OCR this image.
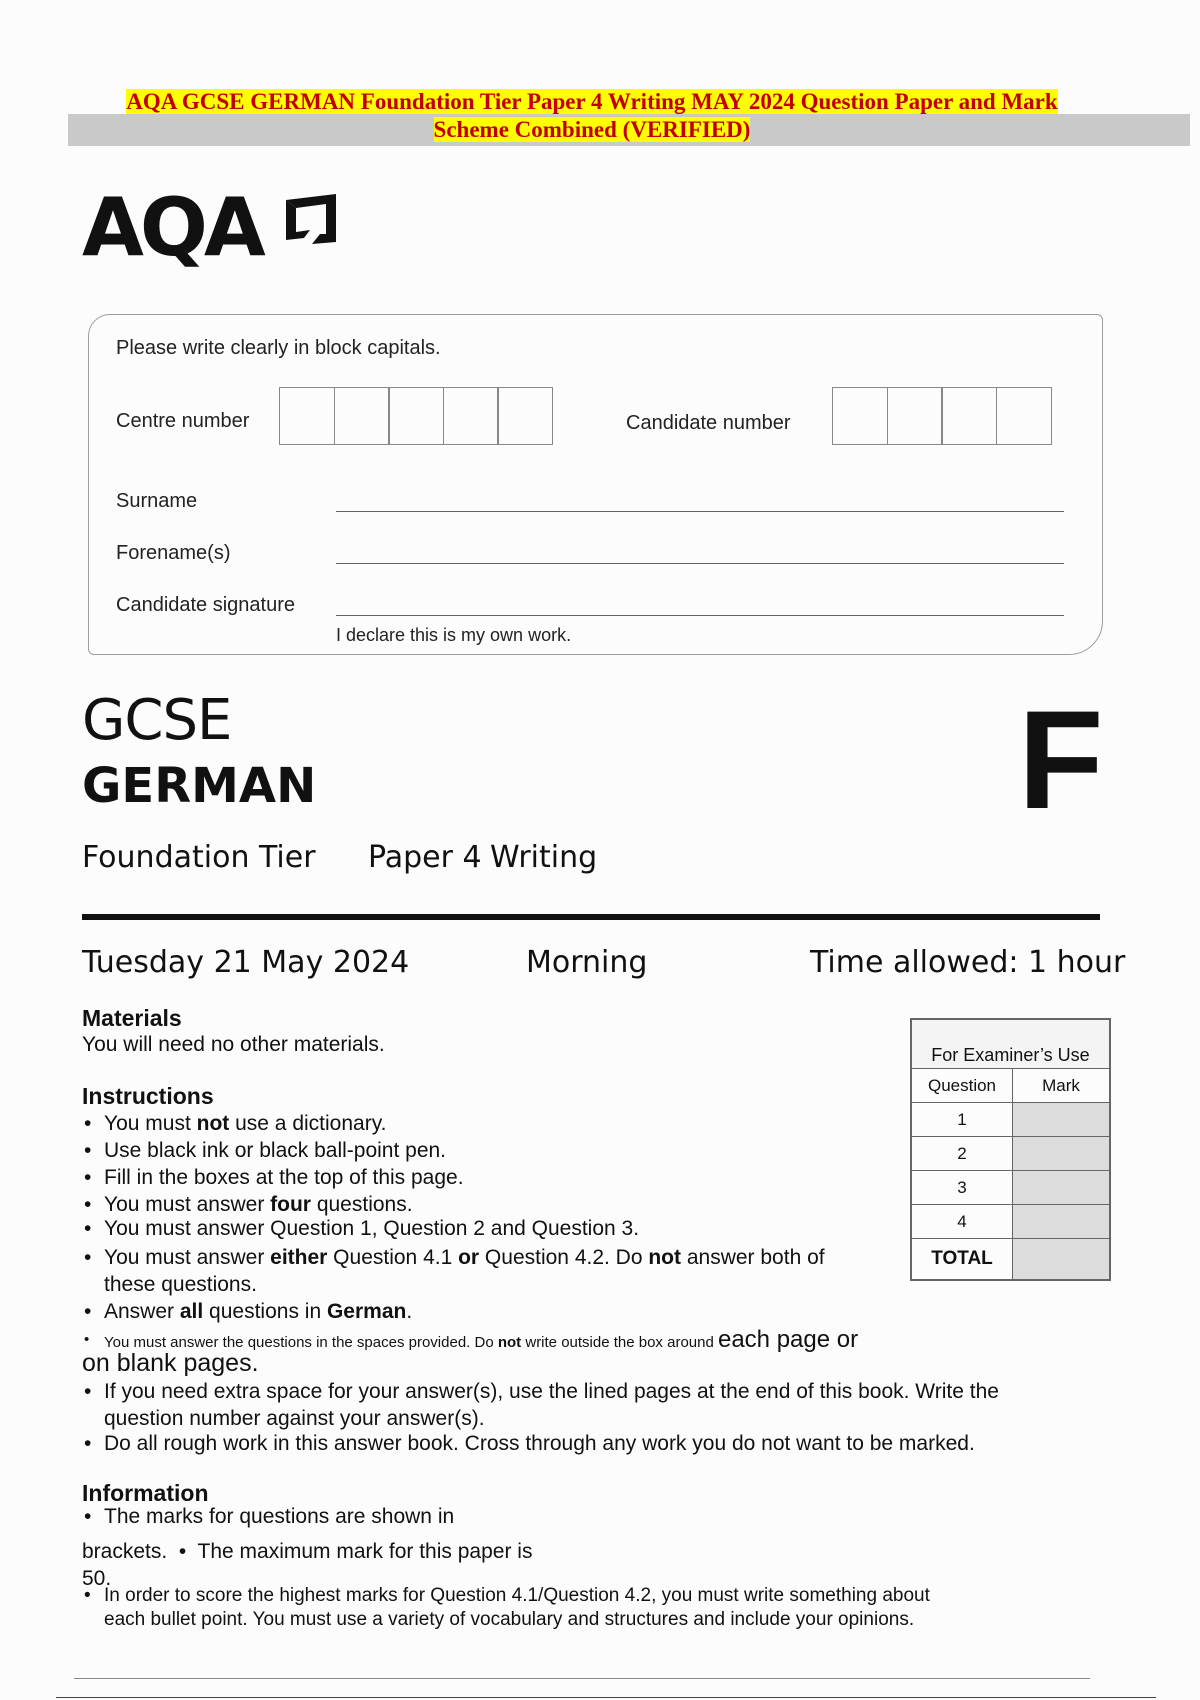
AQA GCSE GERMAN Foundation Tier Paper 4 Writing MAY 2024 Question Paper and Mark
Scheme Combined (VERIFIED)
AQA
Please write clearly in block capitals.
Centre number	Candidate number
Surname
Forename(s)
Candidate signature
I declare this is my own work.
GCSE
GERMAN	F
Foundation Tier Paper 4 Writing
Tuesday 21 May 2024	Morning	Time allowed: 1 hour
Materials
You will need no other materials.
Instructions
• You must not use a dictionary.
• Use black ink or black ball-point pen.
• Fill in the boxes at the top of this page.
• You must answer four questions.
• You must answer Question 1, Question 2 and Question 3.
• You must answer either Question 4.1 or Question 4.2. Do not answer both of
these questions.
• Answer all questions in German.
• You must answer the questions in the spaces provided. Do not write outside the box around each page or
on blank pages.
• If you need extra space for your answer(s), use the lined pages at the end of this book. Write the
question number against your answer(s).
• Do all rough work in this answer book. Cross through any work you do not want to be marked.
Information
• The marks for questions are shown in
brackets.  •  The maximum mark for this paper is
50.
• In order to score the highest marks for Question 4.1/Question 4.2, you must write something about
each bullet point. You must use a variety of vocabulary and structures and include your opinions.
For Examiner’s Use	
Question	Mark
1	
2	
3	
4	
TOTAL	
